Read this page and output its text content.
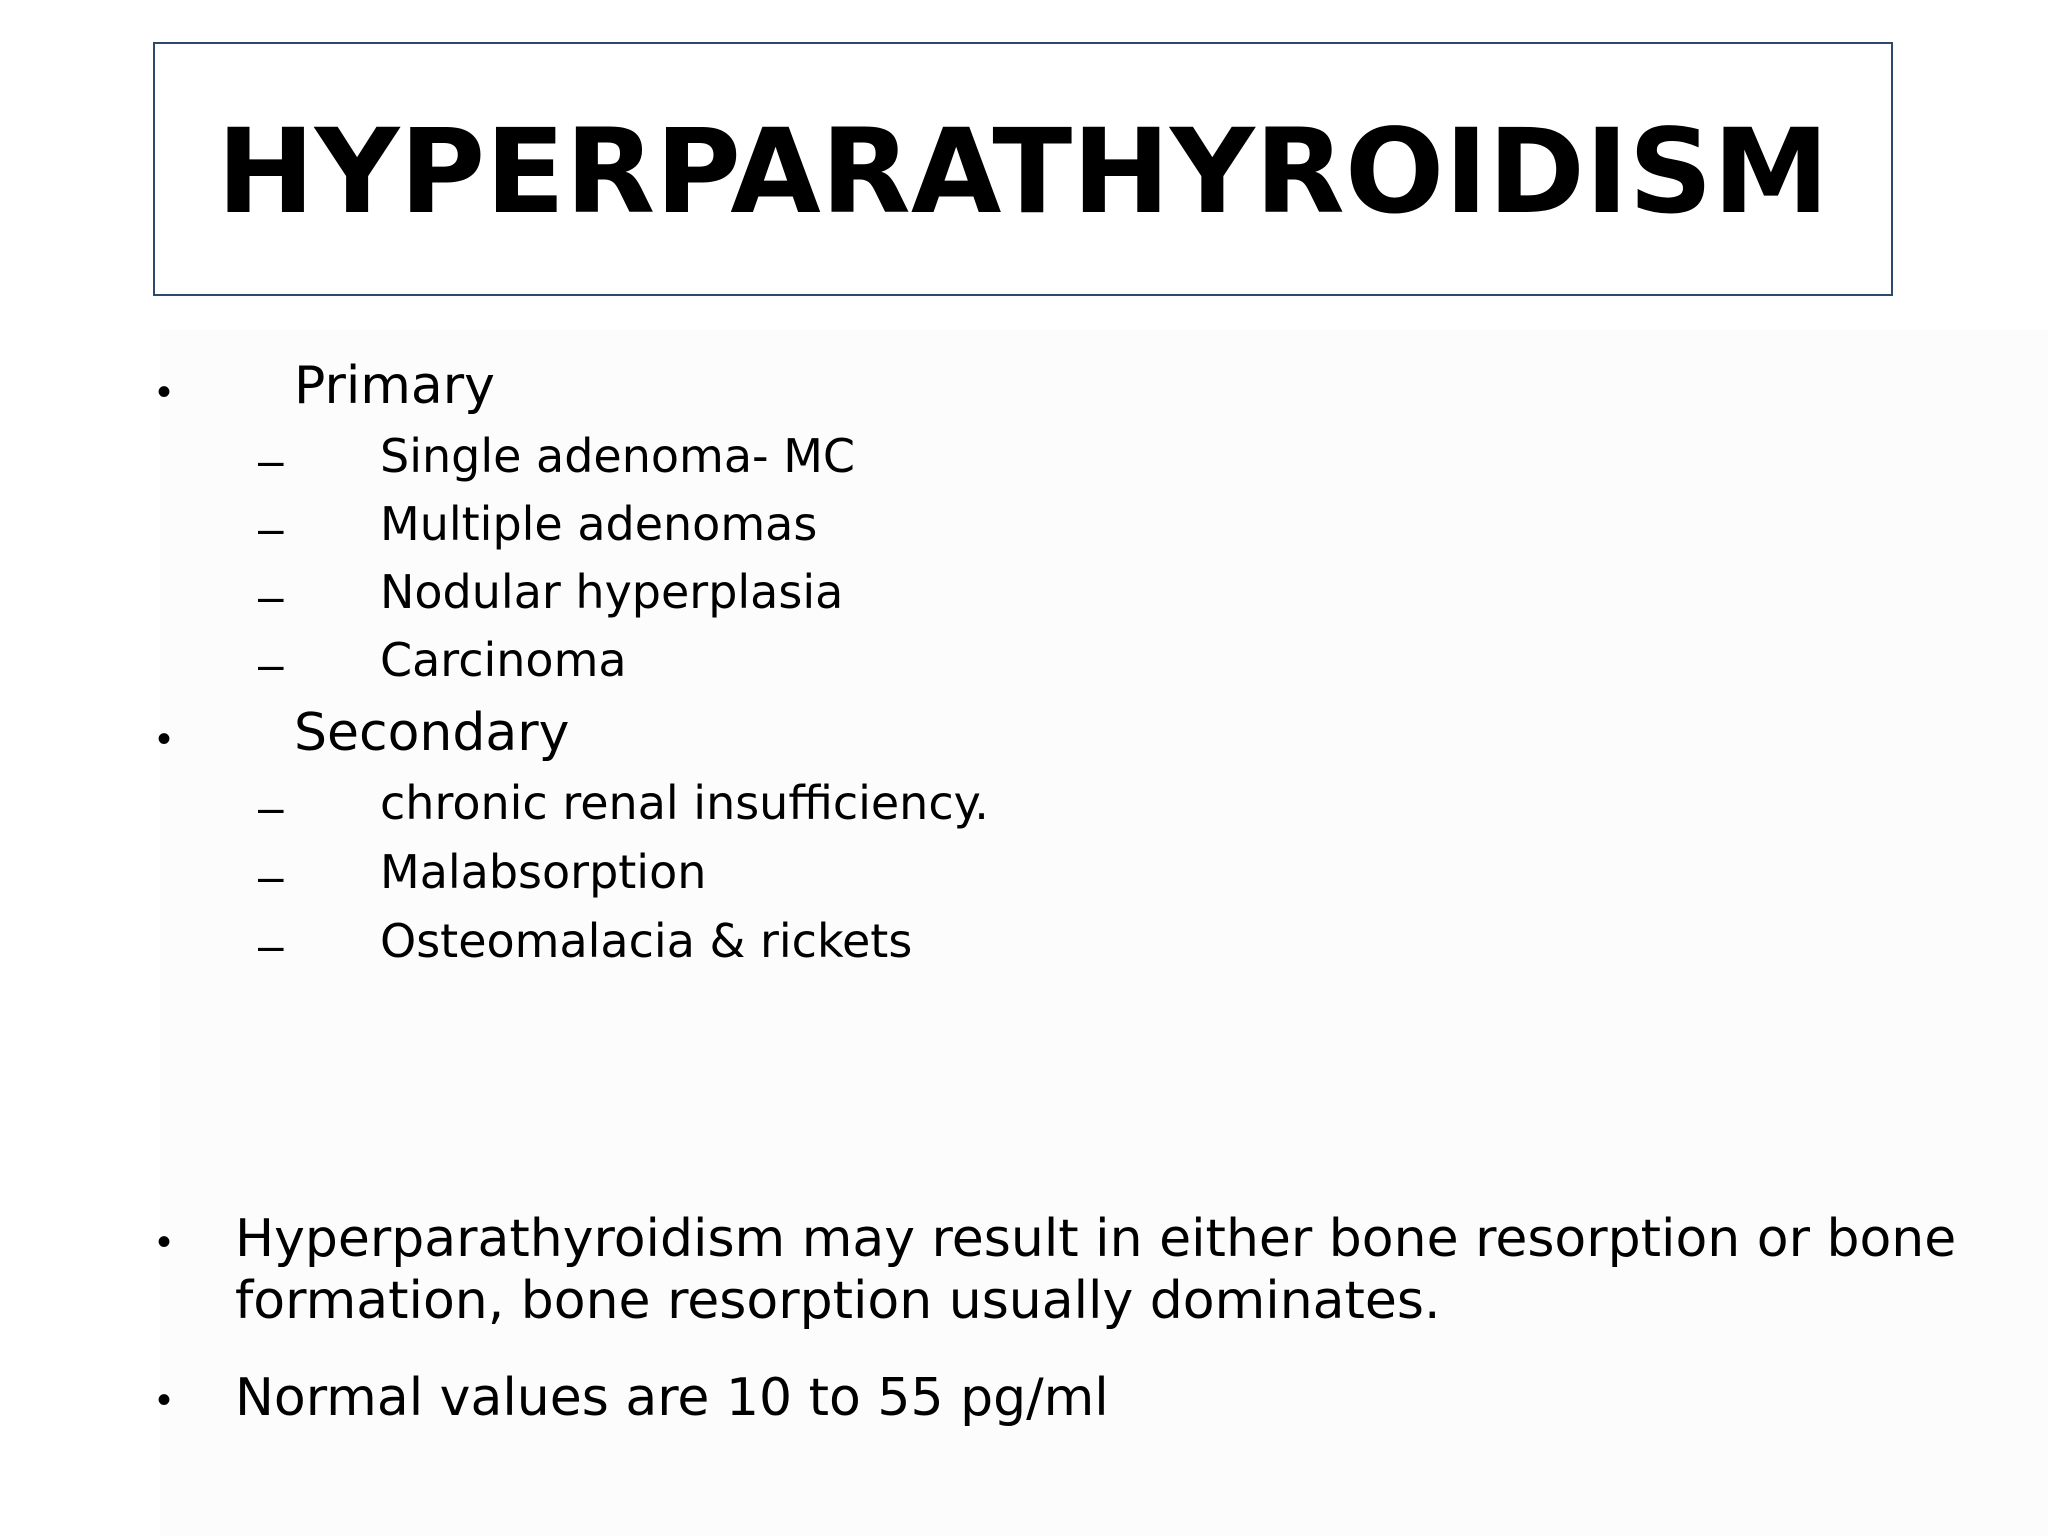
HYPERPARATHYROIDISM
• Primary
– Single adenoma- MC
– Multiple adenomas
– Nodular hyperplasia
– Carcinoma
• Secondary
– chronic renal insufficiency.
– Malabsorption
– Osteomalacia & rickets
• Hyperparathyroidism may result in either bone resorption or bone formation, bone resorption usually dominates.
• Normal values are 10 to 55 pg/ml
